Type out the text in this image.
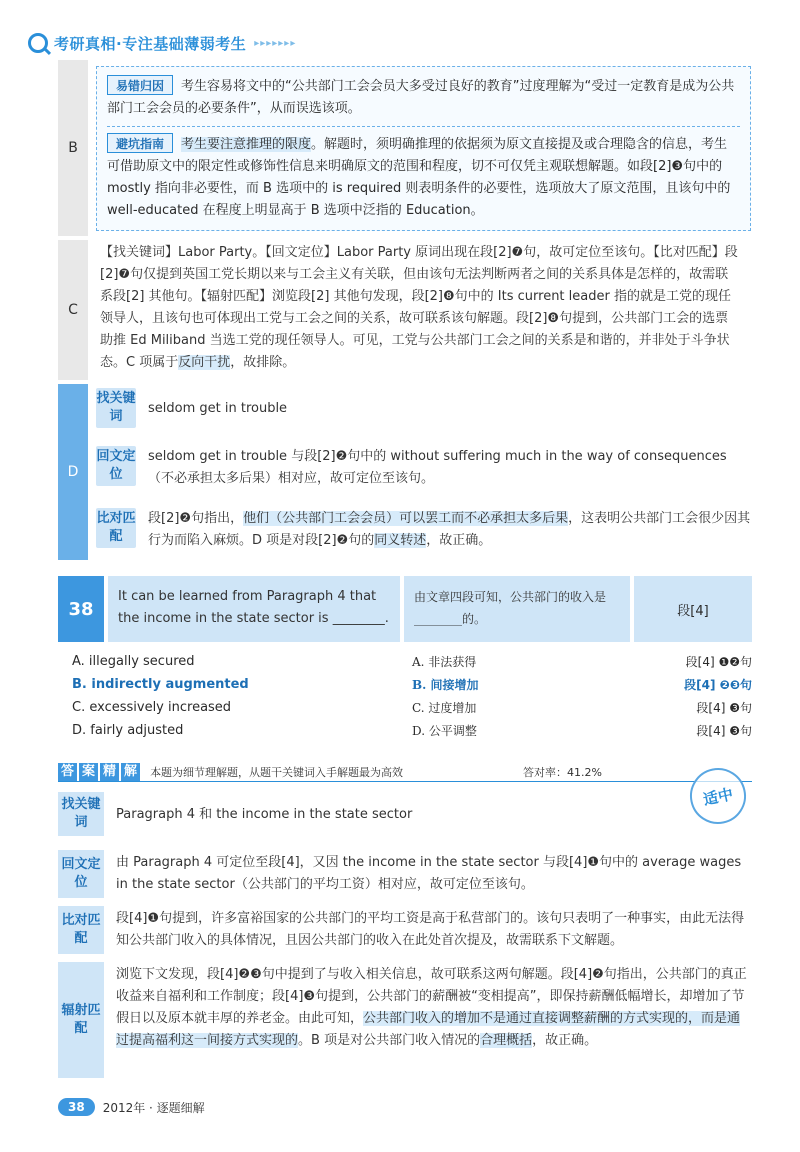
考研真相·专注基础薄弱考生 ▸▸▸▸▸▸▸
B
易错归因 考生容易将文中的“公共部门工会会员大多受过良好的教育”过度理解为“受过一定教育是成为公共部门工会会员的必要条件”，从而误选该项。
避坑指南 考生要注意推理的限度。解题时，须明确推理的依据须为原文直接提及或合理隐含的信息，考生可借助原文中的限定性或修饰性信息来明确原文的范围和程度，切不可仅凭主观联想解题。如段[2]❸句中的 mostly 指向非必要性，而 B 选项中的 is required 则表明条件的必要性，选项放大了原文范围，且该句中的 well-educated 在程度上明显高于 B 选项中泛指的 Education。
C
【找关键词】Labor Party。【回文定位】Labor Party 原词出现在段[2]❼句，故可定位至该句。【比对匹配】段[2]❼句仅提到英国工党长期以来与工会主义有关联，但由该句无法判断两者之间的关系具体是怎样的，故需联系段[2] 其他句。【辐射匹配】浏览段[2] 其他句发现，段[2]❽句中的 Its current leader 指的就是工党的现任领导人，且该句也可体现出工党与工会之间的关系，故可联系该句解题。段[2]❽句提到，公共部门工会的选票助推 Ed Miliband 当选工党的现任领导人。可见，工党与公共部门工会之间的关系是和谐的，并非处于斗争状态。C 项属于反向干扰，故排除。
D
找关键词
seldom get in trouble
回文定位
seldom get in trouble 与段[2]❷句中的 without suffering much in the way of consequences（不必承担太多后果）相对应，故可定位至该句。
比对匹配
段[2]❷句指出，他们（公共部门工会会员）可以罢工而不必承担太多后果，这表明公共部门工会很少因其行为而陷入麻烦。D 项是对段[2]❷句的同义转述，故正确。
38
It can be learned from Paragraph 4 that the income in the state sector is ________.
由文章四段可知，公共部门的收入是________的。
段[4]
A. illegally secured	A. 非法获得	段[4] ❶❷句
B. indirectly augmented	B. 间接增加	段[4] ❷❸句
C. excessively increased	C. 过度增加	段[4] ❸句
D. fairly adjusted	D. 公平调整	段[4] ❸句
答 案 精 解 本题为细节理解题，从题干关键词入手解题最为高效	答对率：41.2%
适中
找关键词
Paragraph 4 和 the income in the state sector
回文定位
由 Paragraph 4 可定位至段[4]，又因 the income in the state sector 与段[4]❶句中的 average wages in the state sector（公共部门的平均工资）相对应，故可定位至该句。
比对匹配
段[4]❶句提到，许多富裕国家的公共部门的平均工资是高于私营部门的。该句只表明了一种事实，由此无法得知公共部门收入的具体情况，且因公共部门的收入在此处首次提及，故需联系下文解题。
辐射匹配
浏览下文发现，段[4]❷❸句中提到了与收入相关信息，故可联系这两句解题。段[4]❷句指出，公共部门的真正收益来自福利和工作制度；段[4]❸句提到，公共部门的薪酬被“变相提高”，即保持薪酬低幅增长，却增加了节假日以及原本就丰厚的养老金。由此可知，公共部门收入的增加不是通过直接调整薪酬的方式实现的，而是通过提高福利这一间接方式实现的。B 项是对公共部门收入情况的合理概括，故正确。
38	2012年 · 逐题细解
